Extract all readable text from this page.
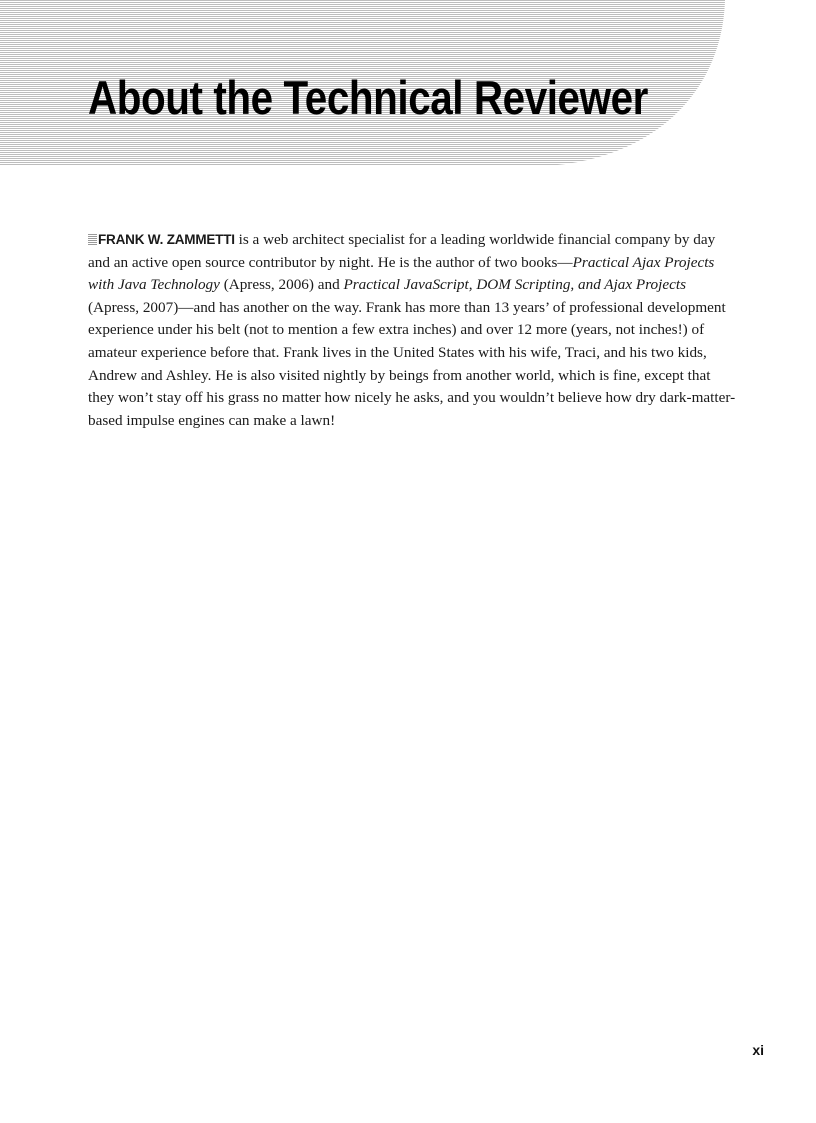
About the Technical Reviewer

FRANK W. ZAMMETTI is a web architect specialist for a leading worldwide financial company by day and an active open source contributor by night. He is the author of two books—Practical Ajax Projects with Java Technology (Apress, 2006) and Practical JavaScript, DOM Scripting, and Ajax Projects (Apress, 2007)—and has another on the way. Frank has more than 13 years’ of professional development experience under his belt (not to mention a few extra inches) and over 12 more (years, not inches!) of amateur experience before that. Frank lives in the United States with his wife, Traci, and his two kids, Andrew and Ashley. He is also visited nightly by beings from another world, which is fine, except that they won’t stay off his grass no matter how nicely he asks, and you wouldn’t believe how dry dark-matter-based impulse engines can make a lawn!

xi
